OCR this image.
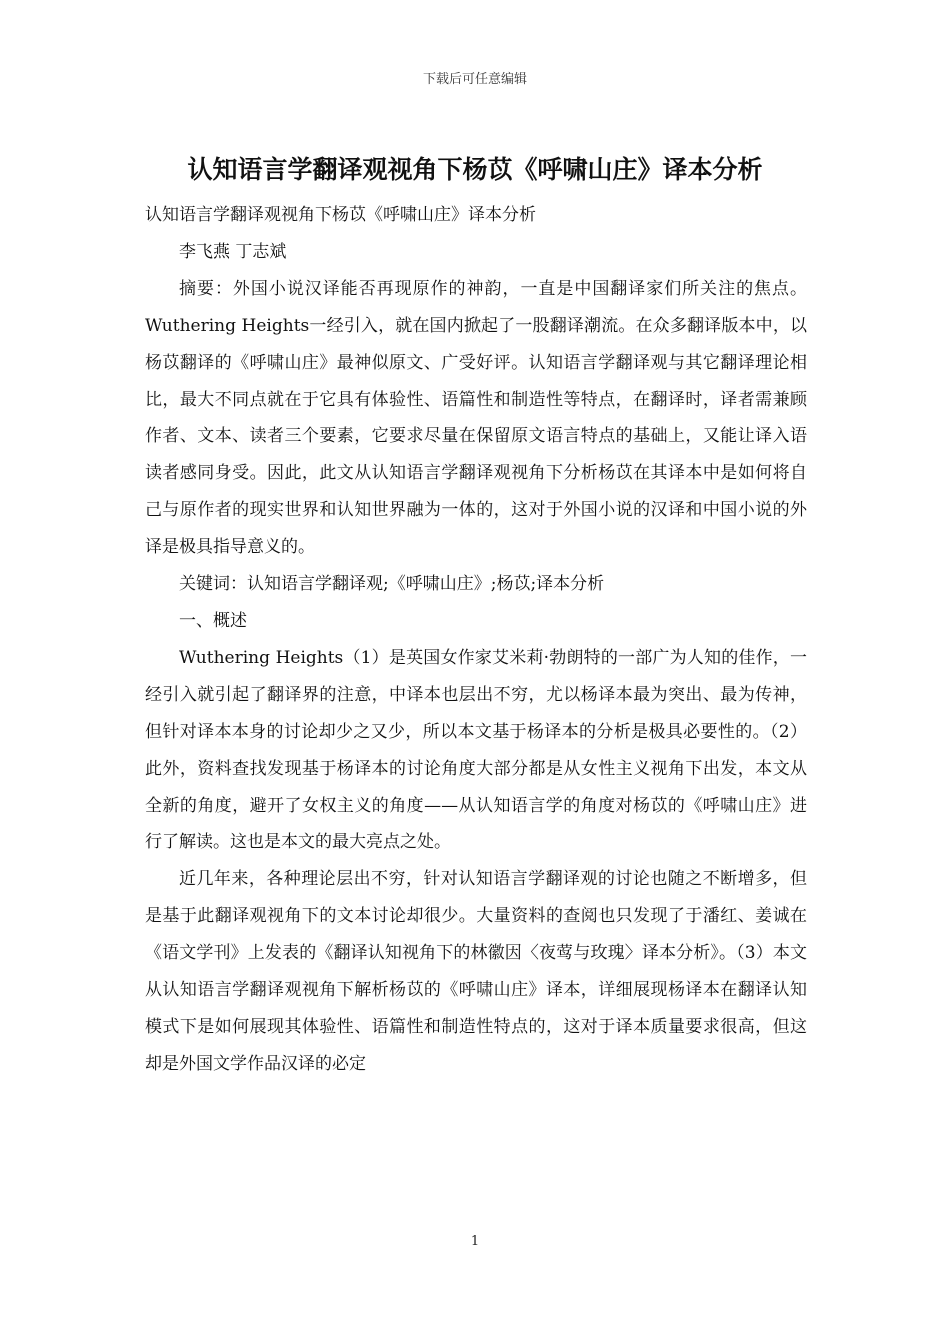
下载后可任意编辑
认知语言学翻译观视角下杨苡《呼啸山庄》译本分析

认知语言学翻译观视角下杨苡《呼啸山庄》译本分析

李飞燕 丁志斌

摘要：外国小说汉译能否再现原作的神韵，一直是中国翻译家们所关注的焦点。Wuthering Heights一经引入，就在国内掀起了一股翻译潮流。在众多翻译版本中，以杨苡翻译的《呼啸山庄》最神似原文、广受好评。认知语言学翻译观与其它翻译理论相比，最大不同点就在于它具有体验性、语篇性和制造性等特点，在翻译时，译者需兼顾作者、文本、读者三个要素，它要求尽量在保留原文语言特点的基础上，又能让译入语读者感同身受。因此，此文从认知语言学翻译观视角下分析杨苡在其译本中是如何将自己与原作者的现实世界和认知世界融为一体的，这对于外国小说的汉译和中国小说的外译是极具指导意义的。

关键词：认知语言学翻译观;《呼啸山庄》;杨苡;译本分析

一、概述

Wuthering Heights（1）是英国女作家艾米莉·勃朗特的一部广为人知的佳作，一经引入就引起了翻译界的注意，中译本也层出不穷，尤以杨译本最为突出、最为传神，但针对译本本身的讨论却少之又少，所以本文基于杨译本的分析是极具必要性的。（2）此外，资料查找发现基于杨译本的讨论角度大部分都是从女性主义视角下出发，本文从全新的角度，避开了女权主义的角度——从认知语言学的角度对杨苡的《呼啸山庄》进行了解读。这也是本文的最大亮点之处。

近几年来，各种理论层出不穷，针对认知语言学翻译观的讨论也随之不断增多，但是基于此翻译观视角下的文本讨论却很少。大量资料的查阅也只发现了于潘红、姜诚在《语文学刊》上发表的《翻译认知视角下的林徽因〈夜莺与玫瑰〉译本分析》。（3）本文从认知语言学翻译观视角下解析杨苡的《呼啸山庄》译本，详细展现杨译本在翻译认知模式下是如何展现其体验性、语篇性和制造性特点的，这对于译本质量要求很高，但这却是外国文学作品汉译的必定

1
